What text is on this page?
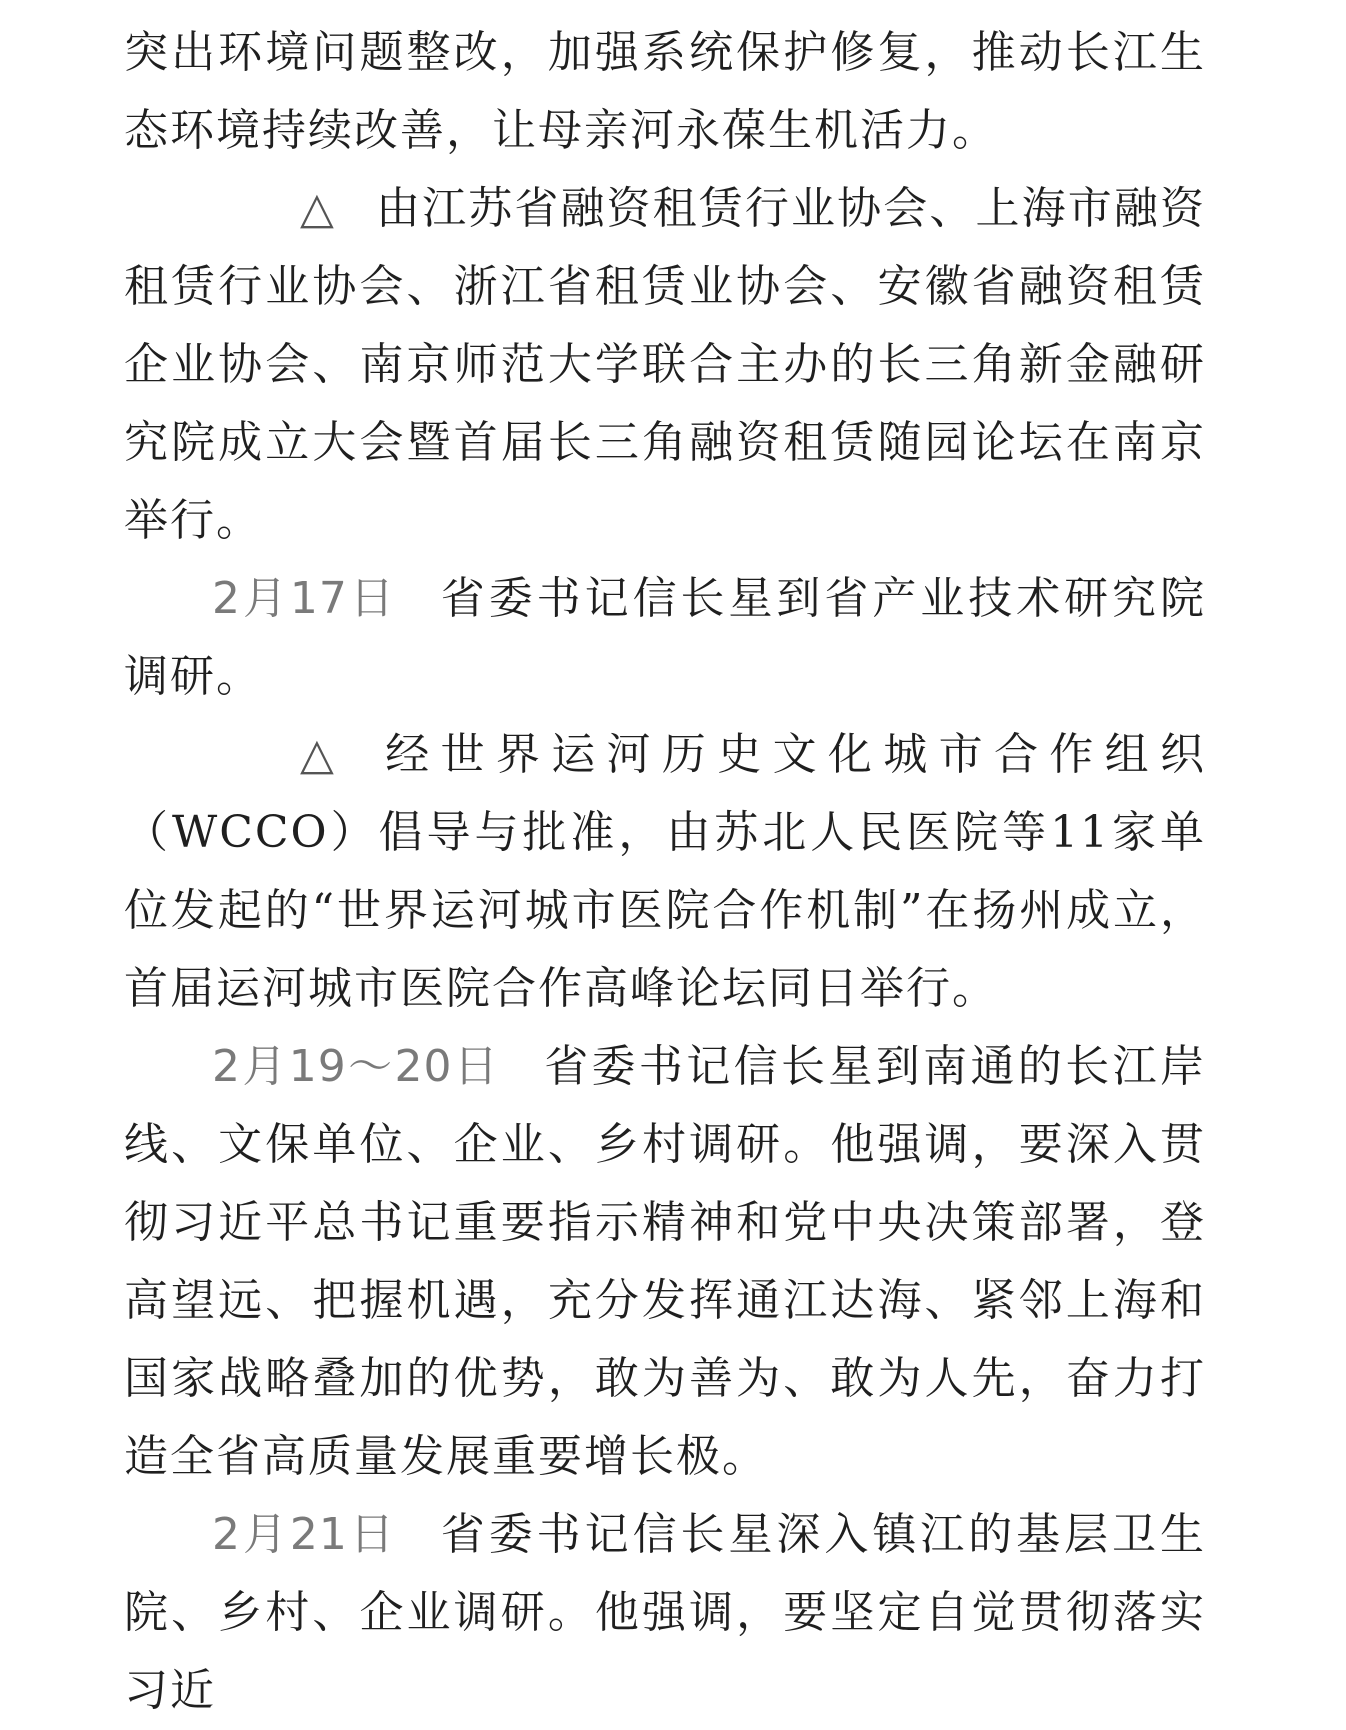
突出环境问题整改，加强系统保护修复，推动长江生态环境持续改善，让母亲河永葆生机活力。

△ 由江苏省融资租赁行业协会、上海市融资租赁行业协会、浙江省租赁业协会、安徽省融资租赁企业协会、南京师范大学联合主办的长三角新金融研究院成立大会暨首届长三角融资租赁随园论坛在南京举行。

2月17日 省委书记信长星到省产业技术研究院调研。

△ 经世界运河历史文化城市合作组织（WCCO）倡导与批准，由苏北人民医院等11家单位发起的“世界运河城市医院合作机制”在扬州成立，首届运河城市医院合作高峰论坛同日举行。

2月19～20日 省委书记信长星到南通的长江岸线、文保单位、企业、乡村调研。他强调，要深入贯彻习近平总书记重要指示精神和党中央决策部署，登高望远、把握机遇，充分发挥通江达海、紧邻上海和国家战略叠加的优势，敢为善为、敢为人先，奋力打造全省高质量发展重要增长极。

2月21日 省委书记信长星深入镇江的基层卫生院、乡村、企业调研。他强调，要坚定自觉贯彻落实习近
